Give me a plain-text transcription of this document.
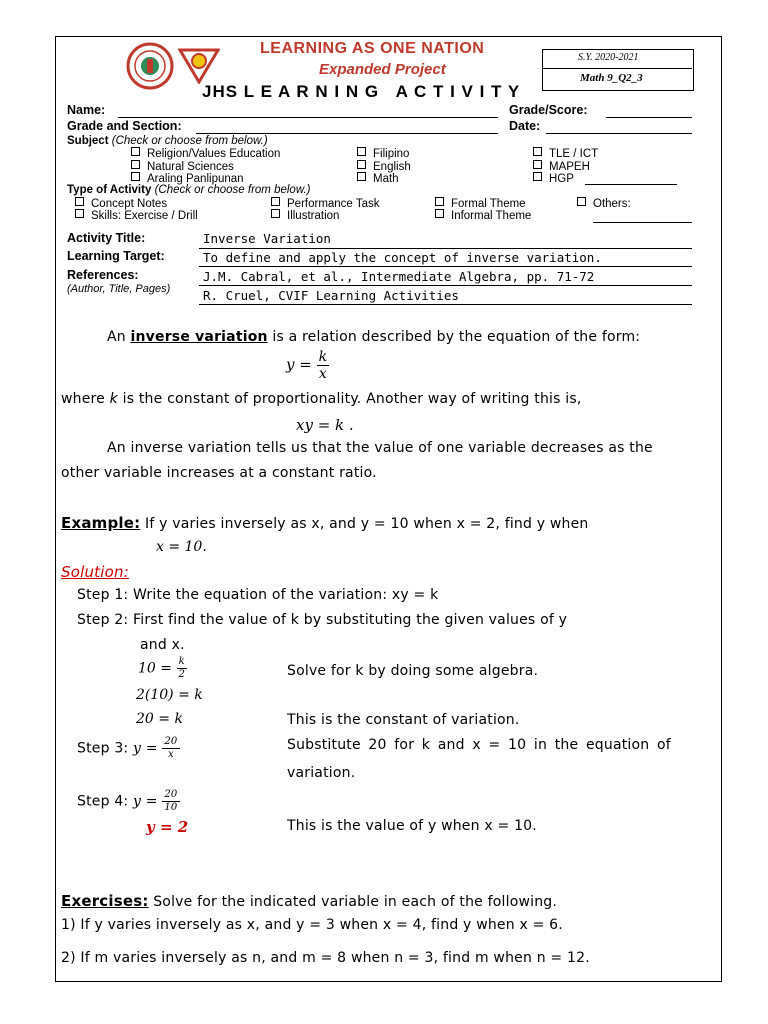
LEARNING AS ONE NATION
Expanded Project
JHS L E A R N I N G   A C T I V I T Y
S.Y. 2020-2021
Math 9_Q2_3
Name:	Grade/Score:
Grade and Section:	Date:
Subject (Check or choose from below.)
Religion/Values Education
Natural Sciences
Araling Panlipunan
Filipino
English
Math
TLE / ICT
MAPEH
HGP
Type of Activity (Check or choose from below.)
Concept Notes
Skills: Exercise / Drill
Performance Task
Illustration
Formal Theme
Informal Theme
Others:
Activity Title:	Inverse Variation
Learning Target:	To define and apply the concept of inverse variation.
References:
(Author, Title, Pages)
J.M. Cabral, et al., Intermediate Algebra, pp. 71-72
R. Cruel, CVIF Learning Activities
An inverse variation is a relation described by the equation of the form:
$y = \frac{k}{x}$
where k is the constant of proportionality. Another way of writing this is,
xy = k .
An inverse variation tells us that the value of one variable decreases as the
other variable increases at a constant ratio.
Example: If y varies inversely as x, and y = 10 when x = 2, find y when
x = 10.
Solution:
Step 1: Write the equation of the variation: xy = k
Step 2: First find the value of k by substituting the given values of y
and x.
$10 = \frac{k}{2}$	Solve for k by doing some algebra.
2(10) = k
20 = k	This is the constant of variation.
Step 3: $y = \frac{20}{x}$	Substitute 20 for k and x = 10 in the equation of
variation.
Step 4: $y = \frac{20}{10}$
y = 2	This is the value of y when x = 10.
Exercises: Solve for the indicated variable in each of the following.
1) If y varies inversely as x, and y = 3 when x = 4, find y when x = 6.
2) If m varies inversely as n, and m = 8 when n = 3, find m when n = 12.
